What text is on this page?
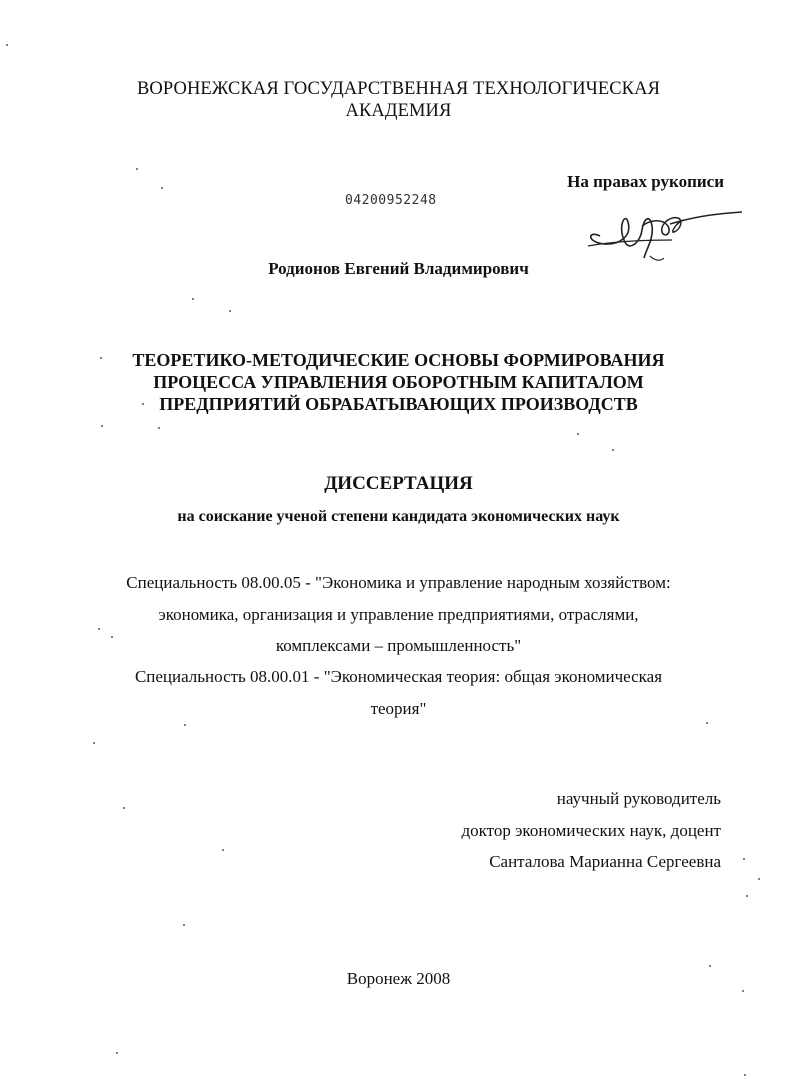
ВОРОНЕЖСКАЯ ГОСУДАРСТВЕННАЯ ТЕХНОЛОГИЧЕСКАЯ
АКАДЕМИЯ
На правах рукописи
04200952248
Родионов Евгений Владимирович
ТЕОРЕТИКО-МЕТОДИЧЕСКИЕ ОСНОВЫ ФОРМИРОВАНИЯ
ПРОЦЕССА УПРАВЛЕНИЯ ОБОРОТНЫМ КАПИТАЛОМ
ПРЕДПРИЯТИЙ ОБРАБАТЫВАЮЩИХ ПРОИЗВОДСТВ
ДИССЕРТАЦИЯ
на соискание ученой степени кандидата экономических наук
Специальность 08.00.05 - "Экономика и управление народным хозяйством:
экономика, организация и управление предприятиями, отраслями,
комплексами – промышленность"
Специальность 08.00.01 - "Экономическая теория: общая экономическая
теория"
научный руководитель
доктор экономических наук, доцент
Санталова Марианна Сергеевна
Воронеж 2008
